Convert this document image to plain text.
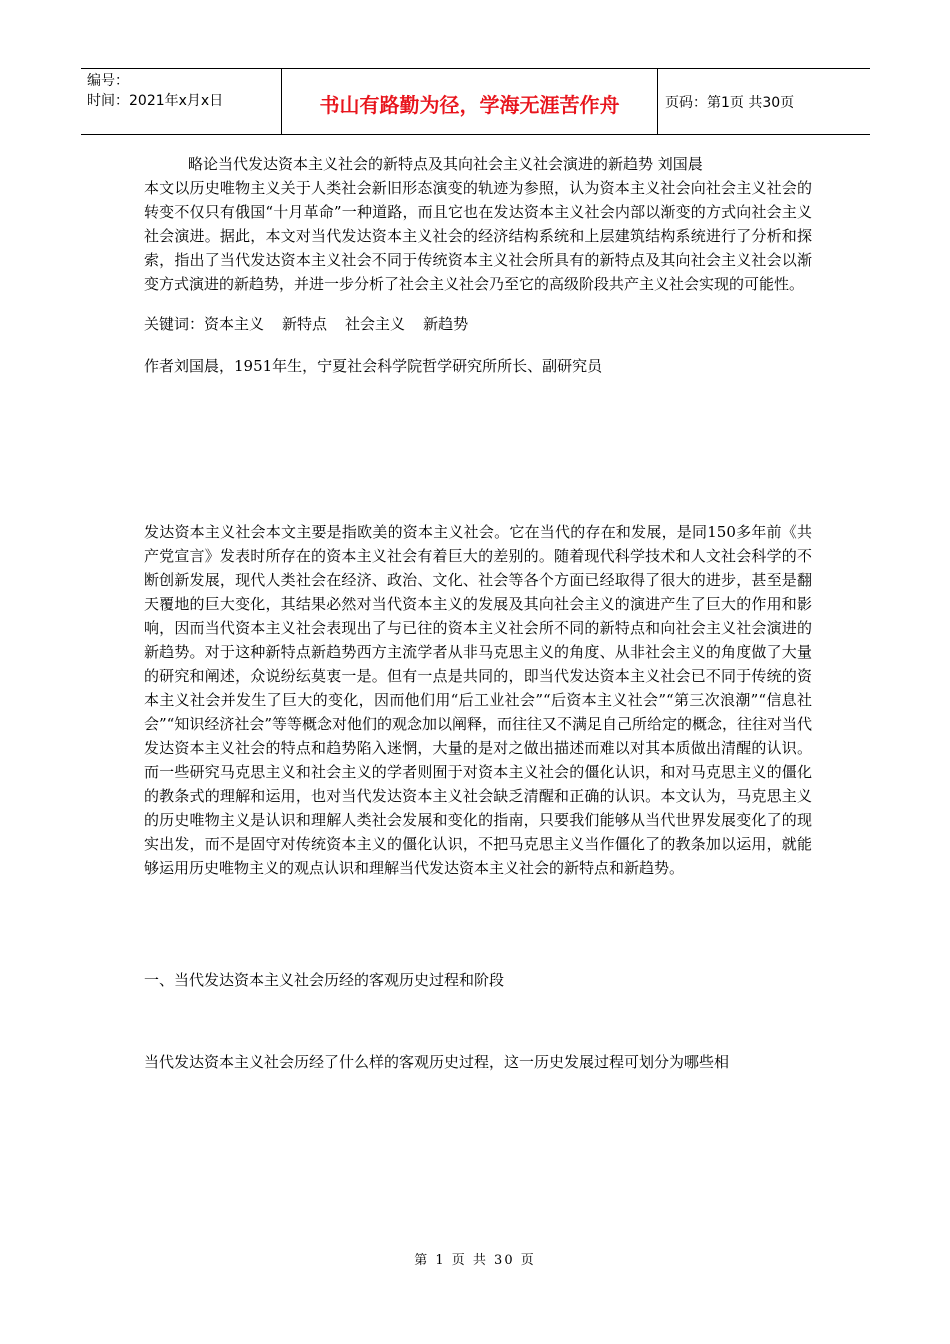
编号：
时间：2021年x月x日	书山有路勤为径，学海无涯苦作舟	页码：第1页 共30页

略论当代发达资本主义社会的新特点及其向社会主义社会演进的新趋势 刘国晨

本文以历史唯物主义关于人类社会新旧形态演变的轨迹为参照，认为资本主义社会向社会主义社会的转变不仅只有俄国“十月革命”一种道路，而且它也在发达资本主义社会内部以渐变的方式向社会主义社会演进。据此，本文对当代发达资本主义社会的经济结构系统和上层建筑结构系统进行了分析和探索，指出了当代发达资本主义社会不同于传统资本主义社会所具有的新特点及其向社会主义社会以渐变方式演进的新趋势，并进一步分析了社会主义社会乃至它的高级阶段共产主义社会实现的可能性。

关键词：资本主义 新特点 社会主义 新趋势

作者刘国晨，1951年生，宁夏社会科学院哲学研究所所长、副研究员

发达资本主义社会本文主要是指欧美的资本主义社会。它在当代的存在和发展，是同150多年前《共产党宣言》发表时所存在的资本主义社会有着巨大的差别的。随着现代科学技术和人文社会科学的不断创新发展，现代人类社会在经济、政治、文化、社会等各个方面已经取得了很大的进步，甚至是翻天覆地的巨大变化，其结果必然对当代资本主义的发展及其向社会主义的演进产生了巨大的作用和影响，因而当代资本主义社会表现出了与已往的资本主义社会所不同的新特点和向社会主义社会演进的新趋势。对于这种新特点新趋势西方主流学者从非马克思主义的角度、从非社会主义的角度做了大量的研究和阐述，众说纷纭莫衷一是。但有一点是共同的，即当代发达资本主义社会已不同于传统的资本主义社会并发生了巨大的变化，因而他们用“后工业社会”“后资本主义社会”“第三次浪潮”“信息社会”“知识经济社会”等等概念对他们的观念加以阐释，而往往又不满足自己所给定的概念，往往对当代发达资本主义社会的特点和趋势陷入迷惘，大量的是对之做出描述而难以对其本质做出清醒的认识。而一些研究马克思主义和社会主义的学者则囿于对资本主义社会的僵化认识，和对马克思主义的僵化的教条式的理解和运用，也对当代发达资本主义社会缺乏清醒和正确的认识。本文认为，马克思主义的历史唯物主义是认识和理解人类社会发展和变化的指南，只要我们能够从当代世界发展变化了的现实出发，而不是固守对传统资本主义的僵化认识，不把马克思主义当作僵化了的教条加以运用，就能够运用历史唯物主义的观点认识和理解当代发达资本主义社会的新特点和新趋势。

一、当代发达资本主义社会历经的客观历史过程和阶段

当代发达资本主义社会历经了什么样的客观历史过程，这一历史发展过程可划分为哪些相

第 1 页 共 30 页
